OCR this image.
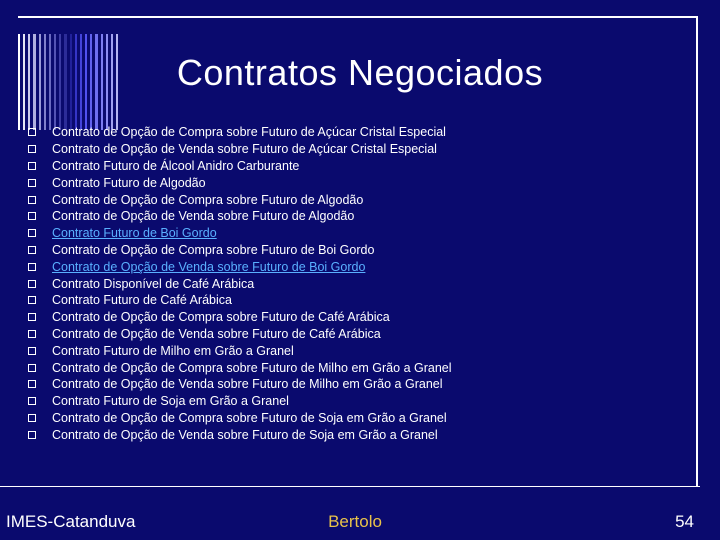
Contratos Negociados
Contrato de Opção de Compra sobre Futuro de Açúcar Cristal Especial
Contrato de Opção de Venda sobre Futuro de Açúcar Cristal Especial
Contrato Futuro de Álcool Anidro Carburante
Contrato Futuro de Algodão
Contrato de Opção de Compra sobre Futuro de Algodão
Contrato de Opção de Venda sobre Futuro de Algodão
Contrato Futuro de Boi Gordo
Contrato de Opção de Compra sobre Futuro de Boi Gordo
Contrato de Opção de Venda sobre Futuro de Boi Gordo
Contrato Disponível de Café Arábica
Contrato Futuro de Café Arábica
Contrato de Opção de Compra sobre Futuro de Café Arábica
Contrato de Opção de Venda sobre Futuro de Café Arábica
Contrato Futuro de Milho em Grão a Granel
Contrato de Opção de Compra sobre Futuro de Milho em Grão a Granel
Contrato de Opção de Venda sobre Futuro de Milho em Grão a Granel
Contrato Futuro de Soja em Grão a Granel
Contrato de Opção de Compra sobre Futuro de Soja em Grão a Granel
Contrato de Opção de Venda sobre Futuro de Soja em Grão a Granel
IMES-Catanduva	Bertolo	54
